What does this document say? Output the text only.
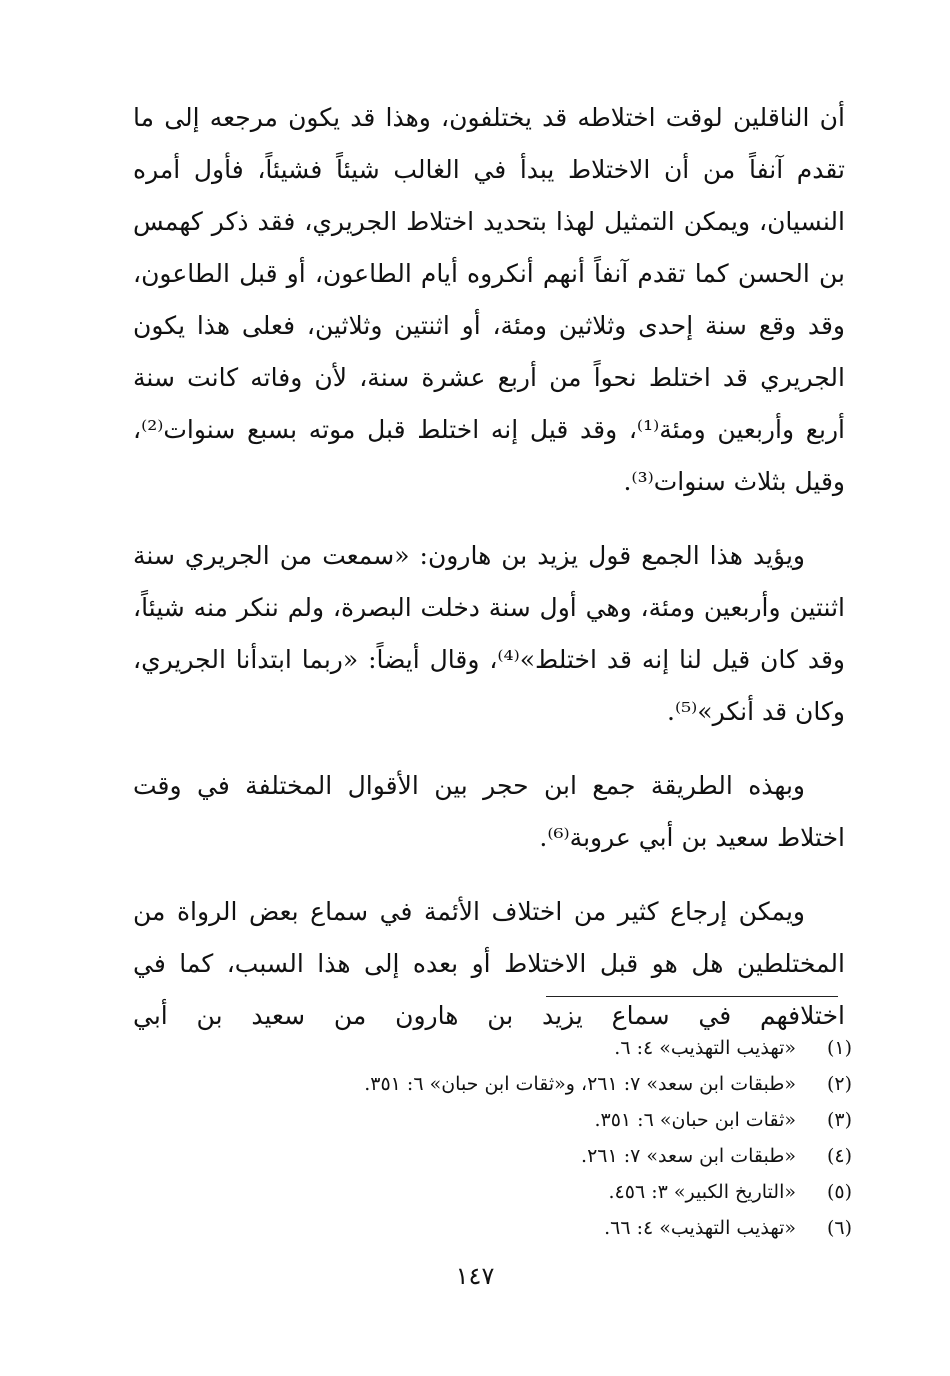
أن الناقلين لوقت اختلاطه قد يختلفون، وهذا قد يكون مرجعه إلى ما تقدم آنفاً من أن الاختلاط يبدأ في الغالب شيئاً فشيئاً، فأول أمره النسيان، ويمكن التمثيل لهذا بتحديد اختلاط الجريري، فقد ذكر كهمس بن الحسن كما تقدم آنفاً أنهم أنكروه أيام الطاعون، أو قبل الطاعون، وقد وقع سنة إحدى وثلاثين ومئة، أو اثنتين وثلاثين، فعلى هذا يكون الجريري قد اختلط نحواً من أربع عشرة سنة، لأن وفاته كانت سنة أربع وأربعين ومئة⁽¹⁾، وقد قيل إنه اختلط قبل موته بسبع سنوات⁽²⁾، وقيل بثلاث سنوات⁽³⁾.

ويؤيد هذا الجمع قول يزيد بن هارون: «سمعت من الجريري سنة اثنتين وأربعين ومئة، وهي أول سنة دخلت البصرة، ولم ننكر منه شيئاً، وقد كان قيل لنا إنه قد اختلط»⁽⁴⁾، وقال أيضاً: «ربما ابتدأنا الجريري، وكان قد أنكر»⁽⁵⁾.

وبهذه الطريقة جمع ابن حجر بين الأقوال المختلفة في وقت اختلاط سعيد بن أبي عروبة⁽⁶⁾.

ويمكن إرجاع كثير من اختلاف الأئمة في سماع بعض الرواة من المختلطين هل هو قبل الاختلاط أو بعده إلى هذا السبب، كما في اختلافهم في سماع يزيد بن هارون من سعيد بن أبي

(١)
«تهذيب التهذيب» ٤: ٦.
(٢)
«طبقات ابن سعد» ٧: ٢٦١، و«ثقات ابن حبان» ٦: ٣٥١.
(٣)
«ثقات ابن حبان» ٦: ٣٥١.
(٤)
«طبقات ابن سعد» ٧: ٢٦١.
(٥)
«التاريخ الكبير» ٣: ٤٥٦.
(٦)
«تهذيب التهذيب» ٤: ٦٦.
١٤٧
